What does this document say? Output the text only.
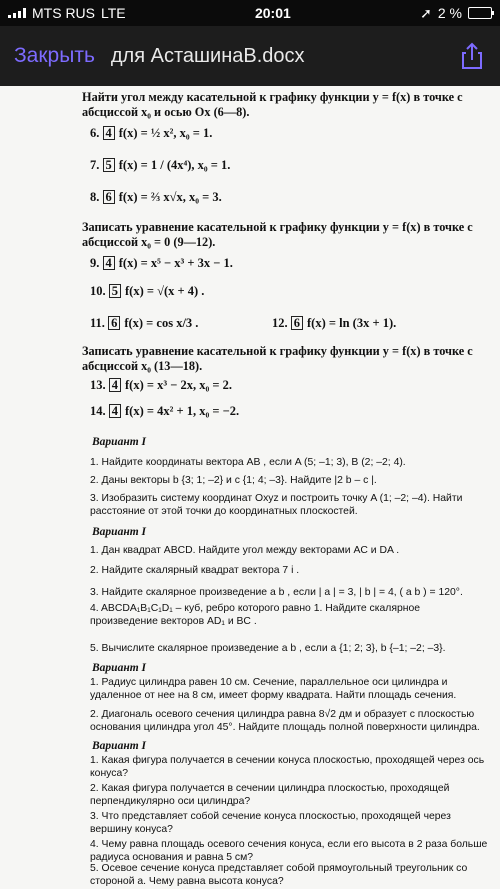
MTS RUS LTE	20:01	➚ 2 %
Закрыть для АсташинаВ.docx
Найти угол между касательной к графику функции y = f(x) в точке с абсциссой x₀ и осью Ox (6—8).
6. 4 f(x) = ½ x², x₀ = 1.
7. 5 f(x) = 1 / (4x⁴), x₀ = 1.
8. 6 f(x) = ⅔ x√x, x₀ = 3.
Записать уравнение касательной к графику функции y = f(x) в точке с абсциссой x₀ = 0 (9—12).
9. 4 f(x) = x⁵ − x³ + 3x − 1.
10. 5 f(x) = √(x + 4) .
11. 6 f(x) = cos x/3 .	12. 6 f(x) = ln (3x + 1).
Записать уравнение касательной к графику функции y = f(x) в точке с абсциссой x₀ (13—18).
13. 4 f(x) = x³ − 2x, x₀ = 2.
14. 4 f(x) = 4x² + 1, x₀ = −2.
Вариант I
1. Найдите координаты вектора AB , если A (5; –1; 3), B (2; –2; 4).
2. Даны векторы b {3; 1; –2} и c {1; 4; –3}. Найдите |2 b – c |.
3. Изобразить систему координат Oxyz и построить точку A (1; –2; –4). Найти расстояние от этой точки до координатных плоскостей.
Вариант I
1. Дан квадрат ABCD. Найдите угол между векторами AC и DA .
2. Найдите скалярный квадрат вектора 7 i .
3. Найдите скалярное произведение a b , если | a | = 3, | b | = 4, ( a b ) = 120°.
4. ABCDA₁B₁C₁D₁ – куб, ребро которого равно 1. Найдите скалярное произведение векторов AD₁ и BC .
5. Вычислите скалярное произведение a b , если a {1; 2; 3}, b {–1; –2; –3}.
Вариант I
1. Радиус цилиндра равен 10 см. Сечение, параллельное оси цилиндра и удаленное от нее на 8 см, имеет форму квадрата. Найти площадь сечения.
2. Диагональ осевого сечения цилиндра равна 8√2 дм и образует с плоскостью основания цилиндра угол 45°. Найдите площадь полной поверхности цилиндра.
Вариант I
1. Какая фигура получается в сечении конуса плоскостью, проходящей через ось конуса?
2. Какая фигура получается в сечении цилиндра плоскостью, проходящей перпендикулярно оси цилиндра?
3. Что представляет собой сечение конуса плоскостью, проходящей через вершину конуса?
4. Чему равна площадь осевого сечения конуса, если его высота в 2 раза больше радиуса основания и равна 5 см?
5. Осевое сечение конуса представляет собой прямоугольный треугольник со стороной a. Чему равна высота конуса?
